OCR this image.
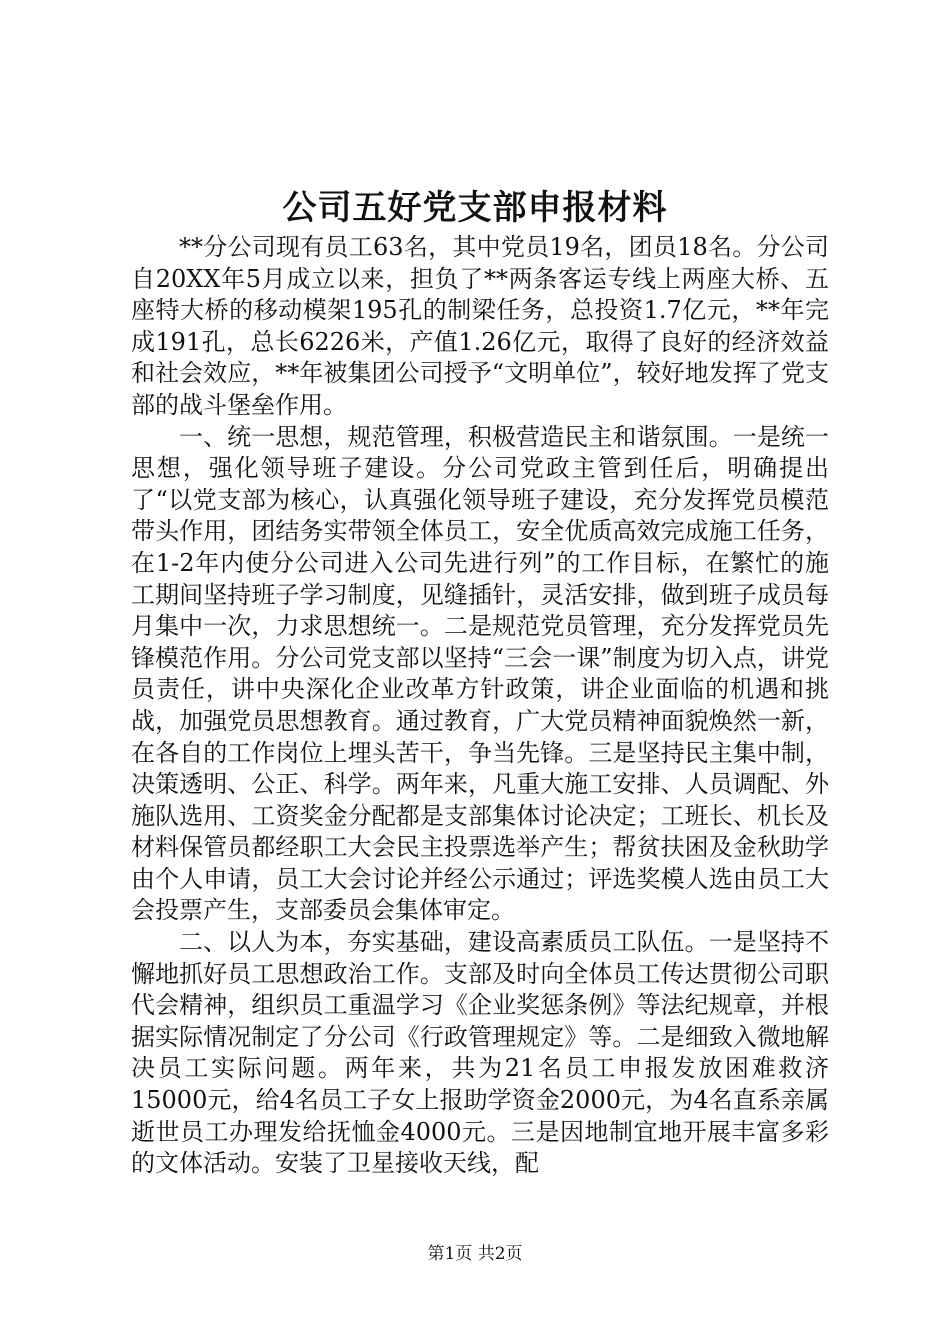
公司五好党支部申报材料

**分公司现有员工63名，其中党员19名，团员18名。分公司自20XX年5月成立以来，担负了**两条客运专线上两座大桥、五座特大桥的移动模架195孔的制梁任务，总投资1.7亿元，**年完成191孔，总长6226米，产值1.26亿元，取得了良好的经济效益和社会效应，**年被集团公司授予“文明单位”，较好地发挥了党支部的战斗堡垒作用。

一、统一思想，规范管理，积极营造民主和谐氛围。一是统一思想，强化领导班子建设。分公司党政主管到任后，明确提出了“以党支部为核心，认真强化领导班子建设，充分发挥党员模范带头作用，团结务实带领全体员工，安全优质高效完成施工任务，在1-2年内使分公司进入公司先进行列”的工作目标，在繁忙的施工期间坚持班子学习制度，见缝插针，灵活安排，做到班子成员每月集中一次，力求思想统一。二是规范党员管理，充分发挥党员先锋模范作用。分公司党支部以坚持“三会一课”制度为切入点，讲党员责任，讲中央深化企业改革方针政策，讲企业面临的机遇和挑战，加强党员思想教育。通过教育，广大党员精神面貌焕然一新，在各自的工作岗位上埋头苦干，争当先锋。三是坚持民主集中制，决策透明、公正、科学。两年来，凡重大施工安排、人员调配、外施队选用、工资奖金分配都是支部集体讨论决定；工班长、机长及材料保管员都经职工大会民主投票选举产生；帮贫扶困及金秋助学由个人申请，员工大会讨论并经公示通过；评选奖模人选由员工大会投票产生，支部委员会集体审定。

二、以人为本，夯实基础，建设高素质员工队伍。一是坚持不懈地抓好员工思想政治工作。支部及时向全体员工传达贯彻公司职代会精神，组织员工重温学习《企业奖惩条例》等法纪规章，并根据实际情况制定了分公司《行政管理规定》等。二是细致入微地解决员工实际问题。两年来，共为21名员工申报发放困难救济15000元，给4名员工子女上报助学资金2000元，为4名直系亲属逝世员工办理发给抚恤金4000元。三是因地制宜地开展丰富多彩的文体活动。安装了卫星接收天线，配

第1页 共2页
